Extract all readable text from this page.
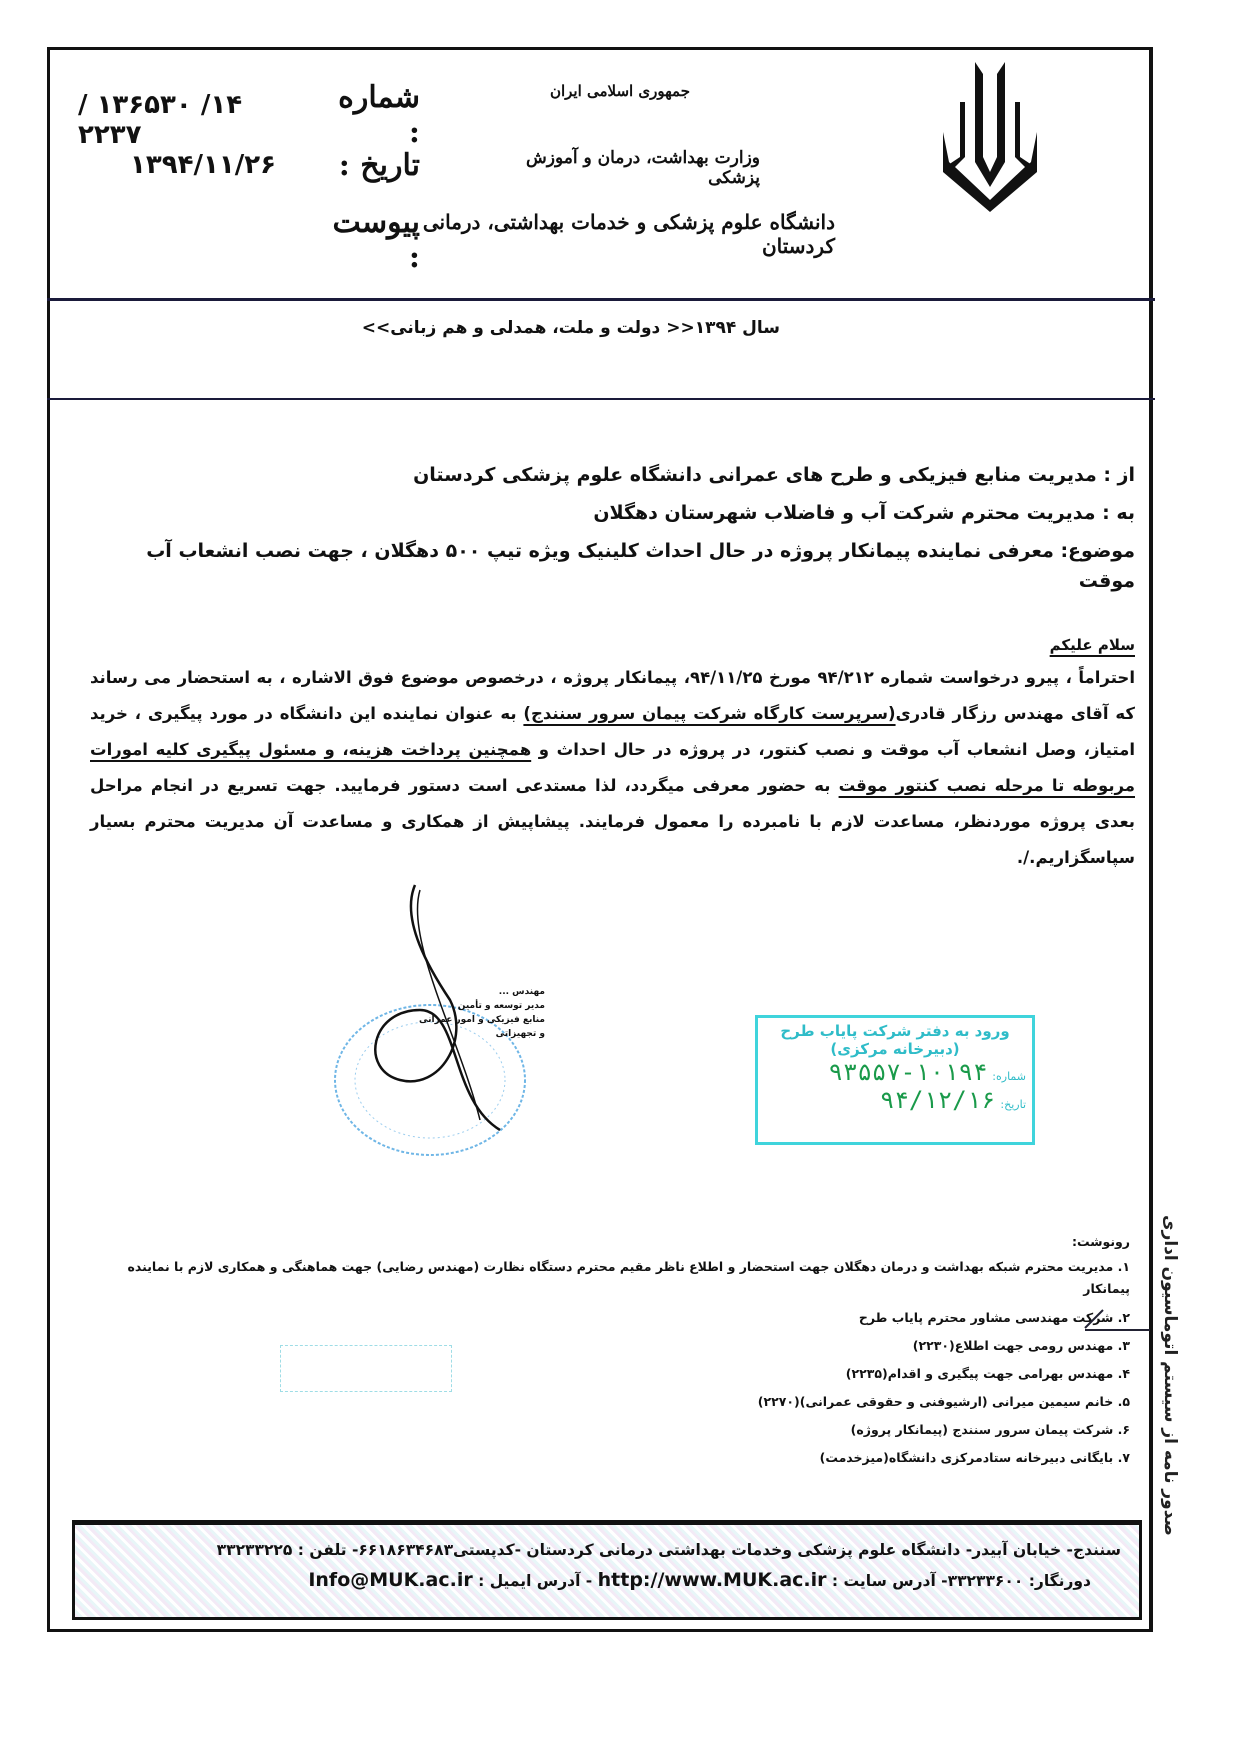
جمهوری اسلامی ایران
وزارت بهداشت، درمان و آموزش پزشکی
دانشگاه علوم پزشکی و خدمات بهداشتی، درمانی کردستان
شماره :
۱۴/ ۱۳۶۵۳۰ / ۲۲۳۷
تاریخ :
۱۳۹۴/۱۱/۲۶
پیوست :
سال ۱۳۹۴<< دولت و ملت، همدلی و هم زبانی>>
از : مدیریت منابع فیزیکی و طرح های عمرانی دانشگاه علوم پزشکی کردستان
به : مدیریت محترم شرکت آب و فاضلاب شهرستان دهگلان
موضوع: معرفی نماینده پیمانکار پروژه در حال احداث کلینیک ویژه تیپ ۵۰۰ دهگلان ، جهت نصب انشعاب آب موقت
سلام علیکم

احتراماً ، پیرو درخواست شماره ۹۴/۲۱۲ مورخ ۹۴/۱۱/۲۵، پیمانکار پروژه ، درخصوص موضوع فوق الاشاره ، به استحضار می رساند که آقای مهندس رزگار قادری(سرپرست کارگاه شرکت پیمان سرور سنندج) به عنوان نماینده این دانشگاه در مورد پیگیری ، خرید امتیاز، وصل انشعاب آب موقت و نصب کنتور، در پروژه در حال احداث و همچنین پرداخت هزینه، و مسئول پیگیری کلیه امورات مربوطه تا مرحله نصب کنتور موقت به حضور معرفی میگردد، لذا مستدعی است دستور فرمایید. جهت تسریع در انجام مراحل بعدی پروژه موردنظر، مساعدت لازم با نامبرده را معمول فرمایند. پیشاپیش از همکاری و مساعدت آن مدیریت محترم بسیار سپاسگزاریم./.

مهندس ...
مدیر توسعه و تأمین
منابع فیزیکی و امور عمرانی
و تجهیزاتی	ورود به دفتر شرکت پایاب طرح
(دبیرخانه مرکزی)
شماره: ۱۰۱۹۴-۹۳۵۵۷
تاریخ: ۹۴/۱۲/۱۶
رونوشت:
۱. مدیریت محترم شبکه بهداشت و درمان دهگلان جهت استحضار و اطلاع ناظر مقیم محترم دستگاه نظارت (مهندس رضایی) جهت هماهنگی و همکاری لازم با نماینده پیمانکار
۲. شرکت مهندسی مشاور محترم پایاب طرح
۳. مهندس رومی جهت اطلاع(۲۲۳۰)
۴. مهندس بهرامی جهت پیگیری و اقدام(۲۲۳۵)
۵. خانم سیمین میرانی (ارشیوفنی و حقوقی عمرانی)(۲۲۷۰)
۶. شرکت پیمان سرور سنندج (پیمانکار پروژه)
۷. بایگانی دبیرخانه ستادمرکزی دانشگاه(میزخدمت) صدور نامه از سیستم اتوماسیون اداری
سنندج- خیابان آبیدر- دانشگاه علوم پزشکی وخدمات بهداشتی درمانی کردستان -کدپستی۶۶۱۸۶۳۴۶۸۳- تلفن : ۳۳۲۳۳۲۲۵
دورنگار: ۳۳۲۳۳۶۰۰- آدرس سایت : http://www.MUK.ac.ir - آدرس ایمیل : Info@MUK.ac.ir
